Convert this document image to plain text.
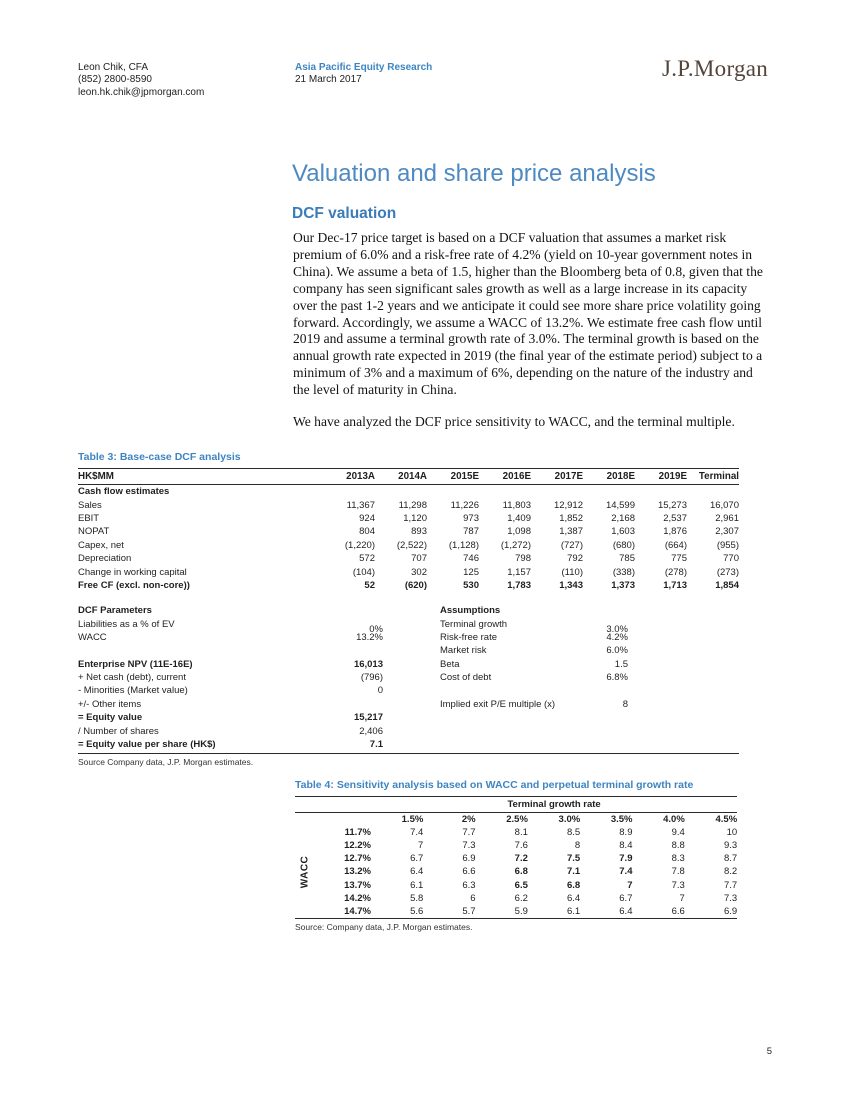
Leon Chik, CFA
(852) 2800-8590
leon.hk.chik@jpmorgan.com
Asia Pacific Equity Research
21 March 2017	J.P.Morgan
Valuation and share price analysis
DCF valuation

Our Dec-17 price target is based on a DCF valuation that assumes a market risk premium of 6.0% and a risk-free rate of 4.2% (yield on 10-year government notes in China). We assume a beta of 1.5, higher than the Bloomberg beta of 0.8, given that the company has seen significant sales growth as well as a large increase in its capacity over the past 1-2 years and we anticipate it could see more share price volatility going forward. Accordingly, we assume a WACC of 13.2%. We estimate free cash flow until 2019 and assume a terminal growth rate of 3.0%. The terminal growth is based on the annual growth rate expected in 2019 (the final year of the estimate period) subject to a minimum of 3% and a maximum of 6%, depending on the nature of the industry and the level of maturity in China.

We have analyzed the DCF price sensitivity to WACC, and the terminal multiple.

Table 3: Base-case DCF analysis
HK$MM	2013A	2014A	2015E	2016E	2017E	2018E	2019E	Terminal
Cash flow estimates								
Sales	11,367	11,298	11,226	11,803	12,912	14,599	15,273	16,070
EBIT	924	1,120	973	1,409	1,852	2,168	2,537	2,961
NOPAT	804	893	787	1,098	1,387	1,603	1,876	2,307
Capex, net	(1,220)	(2,522)	(1,128)	(1,272)	(727)	(680)	(664)	(955)
Depreciation	572	707	746	798	792	785	775	770
Change in working capital	(104)	302	125	1,157	(110)	(338)	(278)	(273)
Free CF (excl. non-core))	52	(620)	530	1,783	1,343	1,373	1,713	1,854
DCF Parameters	Assumptions
Liabilities as a % of EV	0%	Terminal growth	3.0%
WACC	13.2%	Risk-free rate	4.2%
Market risk	6.0%
Enterprise NPV (11E-16E)	16,013	Beta	1.5
+ Net cash (debt), current	(796)	Cost of debt	6.8%
- Minorities (Market value)	0
+/- Other items	Implied exit P/E multiple (x)	8
= Equity value	15,217
/ Number of shares	2,406
= Equity value per share (HK$)	7.1
Source Company data, J.P. Morgan estimates.
Table 4: Sensitivity analysis based on WACC and perpetual terminal growth rate
		Terminal growth rate						
		1.5%	2%	2.5%	3.0%	3.5%	4.0%	4.5%

WACC	11.7%	7.4	7.7	8.1	8.5	8.9	9.4	10
	12.2%	7	7.3	7.6	8	8.4	8.8	9.3
	12.7%	6.7	6.9	7.2	7.5	7.9	8.3	8.7
	13.2%	6.4	6.6	6.8	7.1	7.4	7.8	8.2
	13.7%	6.1	6.3	6.5	6.8	7	7.3	7.7
	14.2%	5.8	6	6.2	6.4	6.7	7	7.3
	14.7%	5.6	5.7	5.9	6.1	6.4	6.6	6.9
Source: Company data, J.P. Morgan estimates.
5
